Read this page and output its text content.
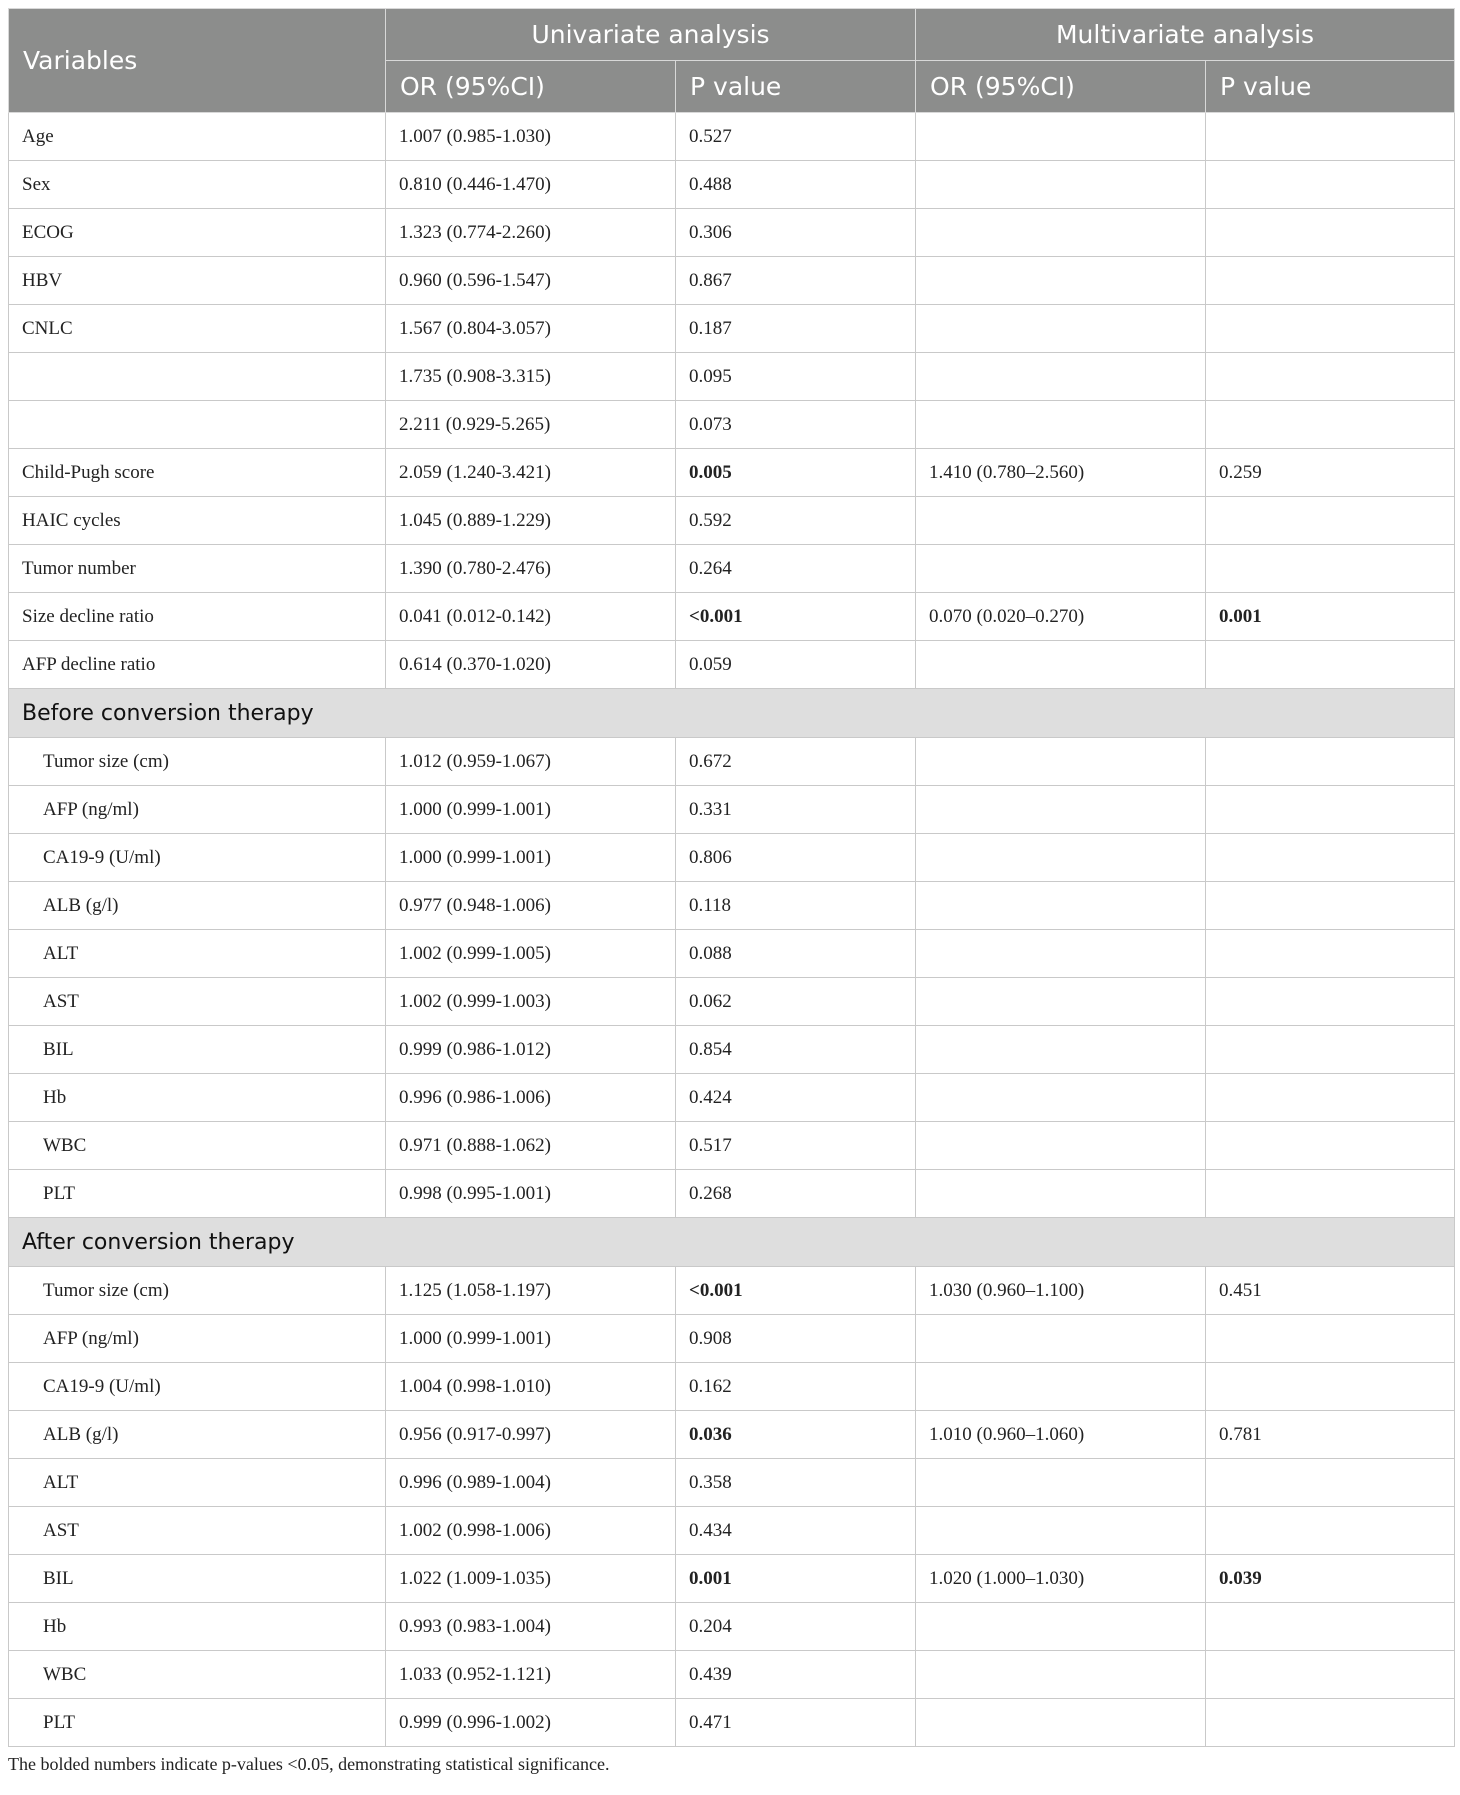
Variables	Univariate analysis		Multivariate analysis	
	OR (95%CI)	P value	OR (95%CI)	P value
Age	1.007 (0.985-1.030)	0.527		
Sex	0.810 (0.446-1.470)	0.488		
ECOG	1.323 (0.774-2.260)	0.306		
HBV	0.960 (0.596-1.547)	0.867		
CNLC	1.567 (0.804-3.057)	0.187		
	1.735 (0.908-3.315)	0.095		
	2.211 (0.929-5.265)	0.073		
Child-Pugh score	2.059 (1.240-3.421)	0.005	1.410 (0.780–2.560)	0.259
HAIC cycles	1.045 (0.889-1.229)	0.592		
Tumor number	1.390 (0.780-2.476)	0.264		
Size decline ratio	0.041 (0.012-0.142)	<0.001	0.070 (0.020–0.270)	0.001
AFP decline ratio	0.614 (0.370-1.020)	0.059		
Before conversion therapy				
Tumor size (cm)	1.012 (0.959-1.067)	0.672		
AFP (ng/ml)	1.000 (0.999-1.001)	0.331		
CA19-9 (U/ml)	1.000 (0.999-1.001)	0.806		
ALB (g/l)	0.977 (0.948-1.006)	0.118		
ALT	1.002 (0.999-1.005)	0.088		
AST	1.002 (0.999-1.003)	0.062		
BIL	0.999 (0.986-1.012)	0.854		
Hb	0.996 (0.986-1.006)	0.424		
WBC	0.971 (0.888-1.062)	0.517		
PLT	0.998 (0.995-1.001)	0.268		
After conversion therapy				
Tumor size (cm)	1.125 (1.058-1.197)	<0.001	1.030 (0.960–1.100)	0.451
AFP (ng/ml)	1.000 (0.999-1.001)	0.908		
CA19-9 (U/ml)	1.004 (0.998-1.010)	0.162		
ALB (g/l)	0.956 (0.917-0.997)	0.036	1.010 (0.960–1.060)	0.781
ALT	0.996 (0.989-1.004)	0.358		
AST	1.002 (0.998-1.006)	0.434		
BIL	1.022 (1.009-1.035)	0.001	1.020 (1.000–1.030)	0.039
Hb	0.993 (0.983-1.004)	0.204		
WBC	1.033 (0.952-1.121)	0.439		
PLT	0.999 (0.996-1.002)	0.471		
The bolded numbers indicate p-values <0.05, demonstrating statistical significance.
